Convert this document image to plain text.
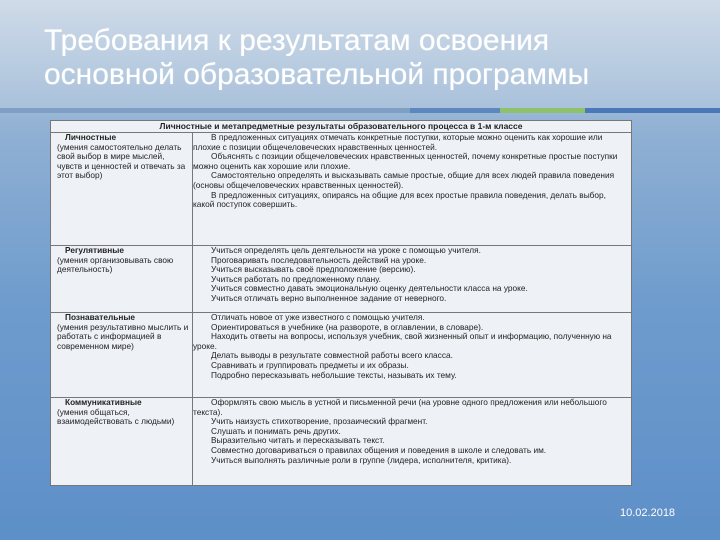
Требования к результатам освоения основной образовательной программы
Личностные и метапредметные результаты образовательного процесса в 1-м классе
Личностные
(умения самостоятельно делать свой выбор в мире мыслей, чувств и ценностей и отвечать за этот выбор)
В предложенных ситуациях отмечать конкретные поступки, которые можно оценить как хорошие или плохие с позиции общечеловеческих нравственных ценностей.
Объяснять с позиции общечеловеческих нравственных ценностей, почему конкретные простые поступки можно оценить как хорошие или плохие.
Самостоятельно определять и высказывать самые простые, общие для всех людей правила поведения (основы общечеловеческих нравственных ценностей).
В предложенных ситуациях, опираясь на общие для всех простые правила поведения, делать выбор, какой поступок совершить.
Регулятивные
(умения организовывать свою деятельность)
Учиться определять цель деятельности на уроке с помощью учителя.
Проговаривать последовательность действий на уроке.
Учиться высказывать своё предположение (версию).
Учиться работать по предложенному плану.
Учиться совместно давать эмоциональную оценку деятельности класса на уроке.
Учиться отличать верно выполненное задание от неверного.
Познавательные
(умения результативно мыслить и работать с информацией в современном мире)
Отличать новое от уже известного с помощью учителя.
Ориентироваться в учебнике (на развороте, в оглавлении, в словаре).
Находить ответы на вопросы, используя учебник, свой жизненный опыт и информацию, полученную на уроке.
Делать выводы в результате совместной работы всего класса.
Сравнивать и группировать предметы и их образы.
Подробно пересказывать небольшие тексты, называть их тему.
Коммуникативные
(умения общаться, взаимодействовать с людьми)
Оформлять свою мысль в устной и письменной речи (на уровне одного предложения или небольшого текста).
Учить наизусть стихотворение, прозаический фрагмент.
Слушать и понимать речь других.
Выразительно читать и пересказывать текст.
Совместно договариваться о правилах общения и поведения в школе и следовать им.
Учиться выполнять различные роли в группе (лидера, исполнителя, критика).
10.02.2018
